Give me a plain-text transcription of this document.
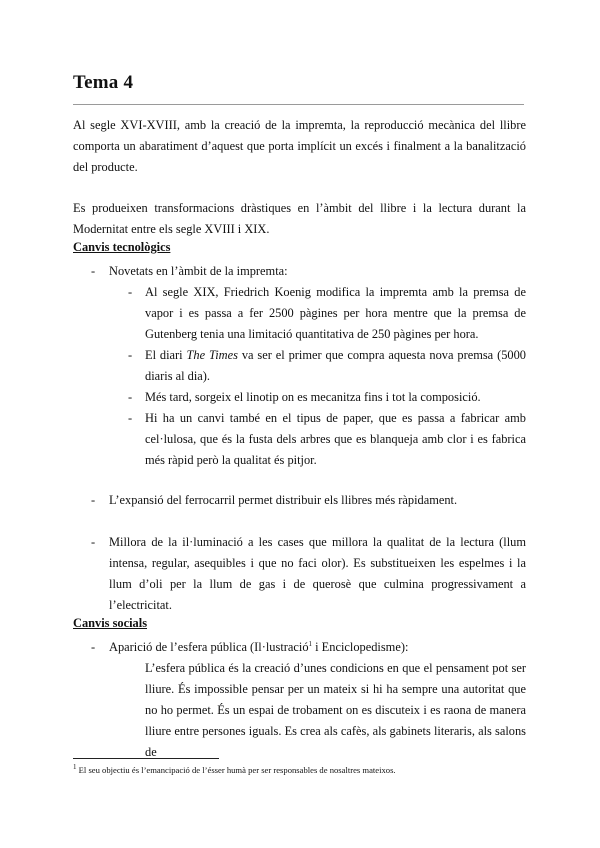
Tema 4

Al segle XVI-XVIII, amb la creació de la impremta, la reproducció mecànica del llibre comporta un abaratiment d’aquest que porta implícit un excés i finalment a la banalització del producte.

Es produeixen transformacions dràstiques en l’àmbit del llibre i la lectura durant la Modernitat entre els segle XVIII i XIX.

Canvis tecnològics

- Novetats en l’àmbit de la impremta:

- Al segle XIX, Friedrich Koenig modifica la impremta amb la premsa de vapor i es passa a fer 2500 pàgines per hora mentre que la premsa de Gutenberg tenia una limitació quantitativa de 250 pàgines per hora.

- El diari The Times va ser el primer que compra aquesta nova premsa (5000 diaris al dia).

- Més tard, sorgeix el linotip on es mecanitza fins i tot la composició.

- Hi ha un canvi també en el tipus de paper, que es passa a fabricar amb cel·lulosa, que és la fusta dels arbres que es blanqueja amb clor i es fabrica més ràpid però la qualitat és pitjor.

- L’expansió del ferrocarril permet distribuir els llibres més ràpidament.

- Millora de la il·luminació a les cases que millora la qualitat de la lectura (llum intensa, regular, asequibles i que no faci olor). Es substitueixen les espelmes i la llum d’oli per la llum de gas i de querosè que culmina progressivament a l’electricitat.

Canvis socials

- Aparició de l’esfera pública (Il·lustració$^1$ i Enciclopedisme):

L’esfera pública és la creació d’unes condicions en que el pensament pot ser lliure. És impossible pensar per un mateix si hi ha sempre una autoritat que no ho permet. És un espai de trobament on es discuteix i es raona de manera lliure entre persones iguals. Es crea als cafès, als gabinets literaris, als salons de

$^1$ El seu objectiu és l’emancipació de l’ésser humà per ser responsables de nosaltres mateixos.
